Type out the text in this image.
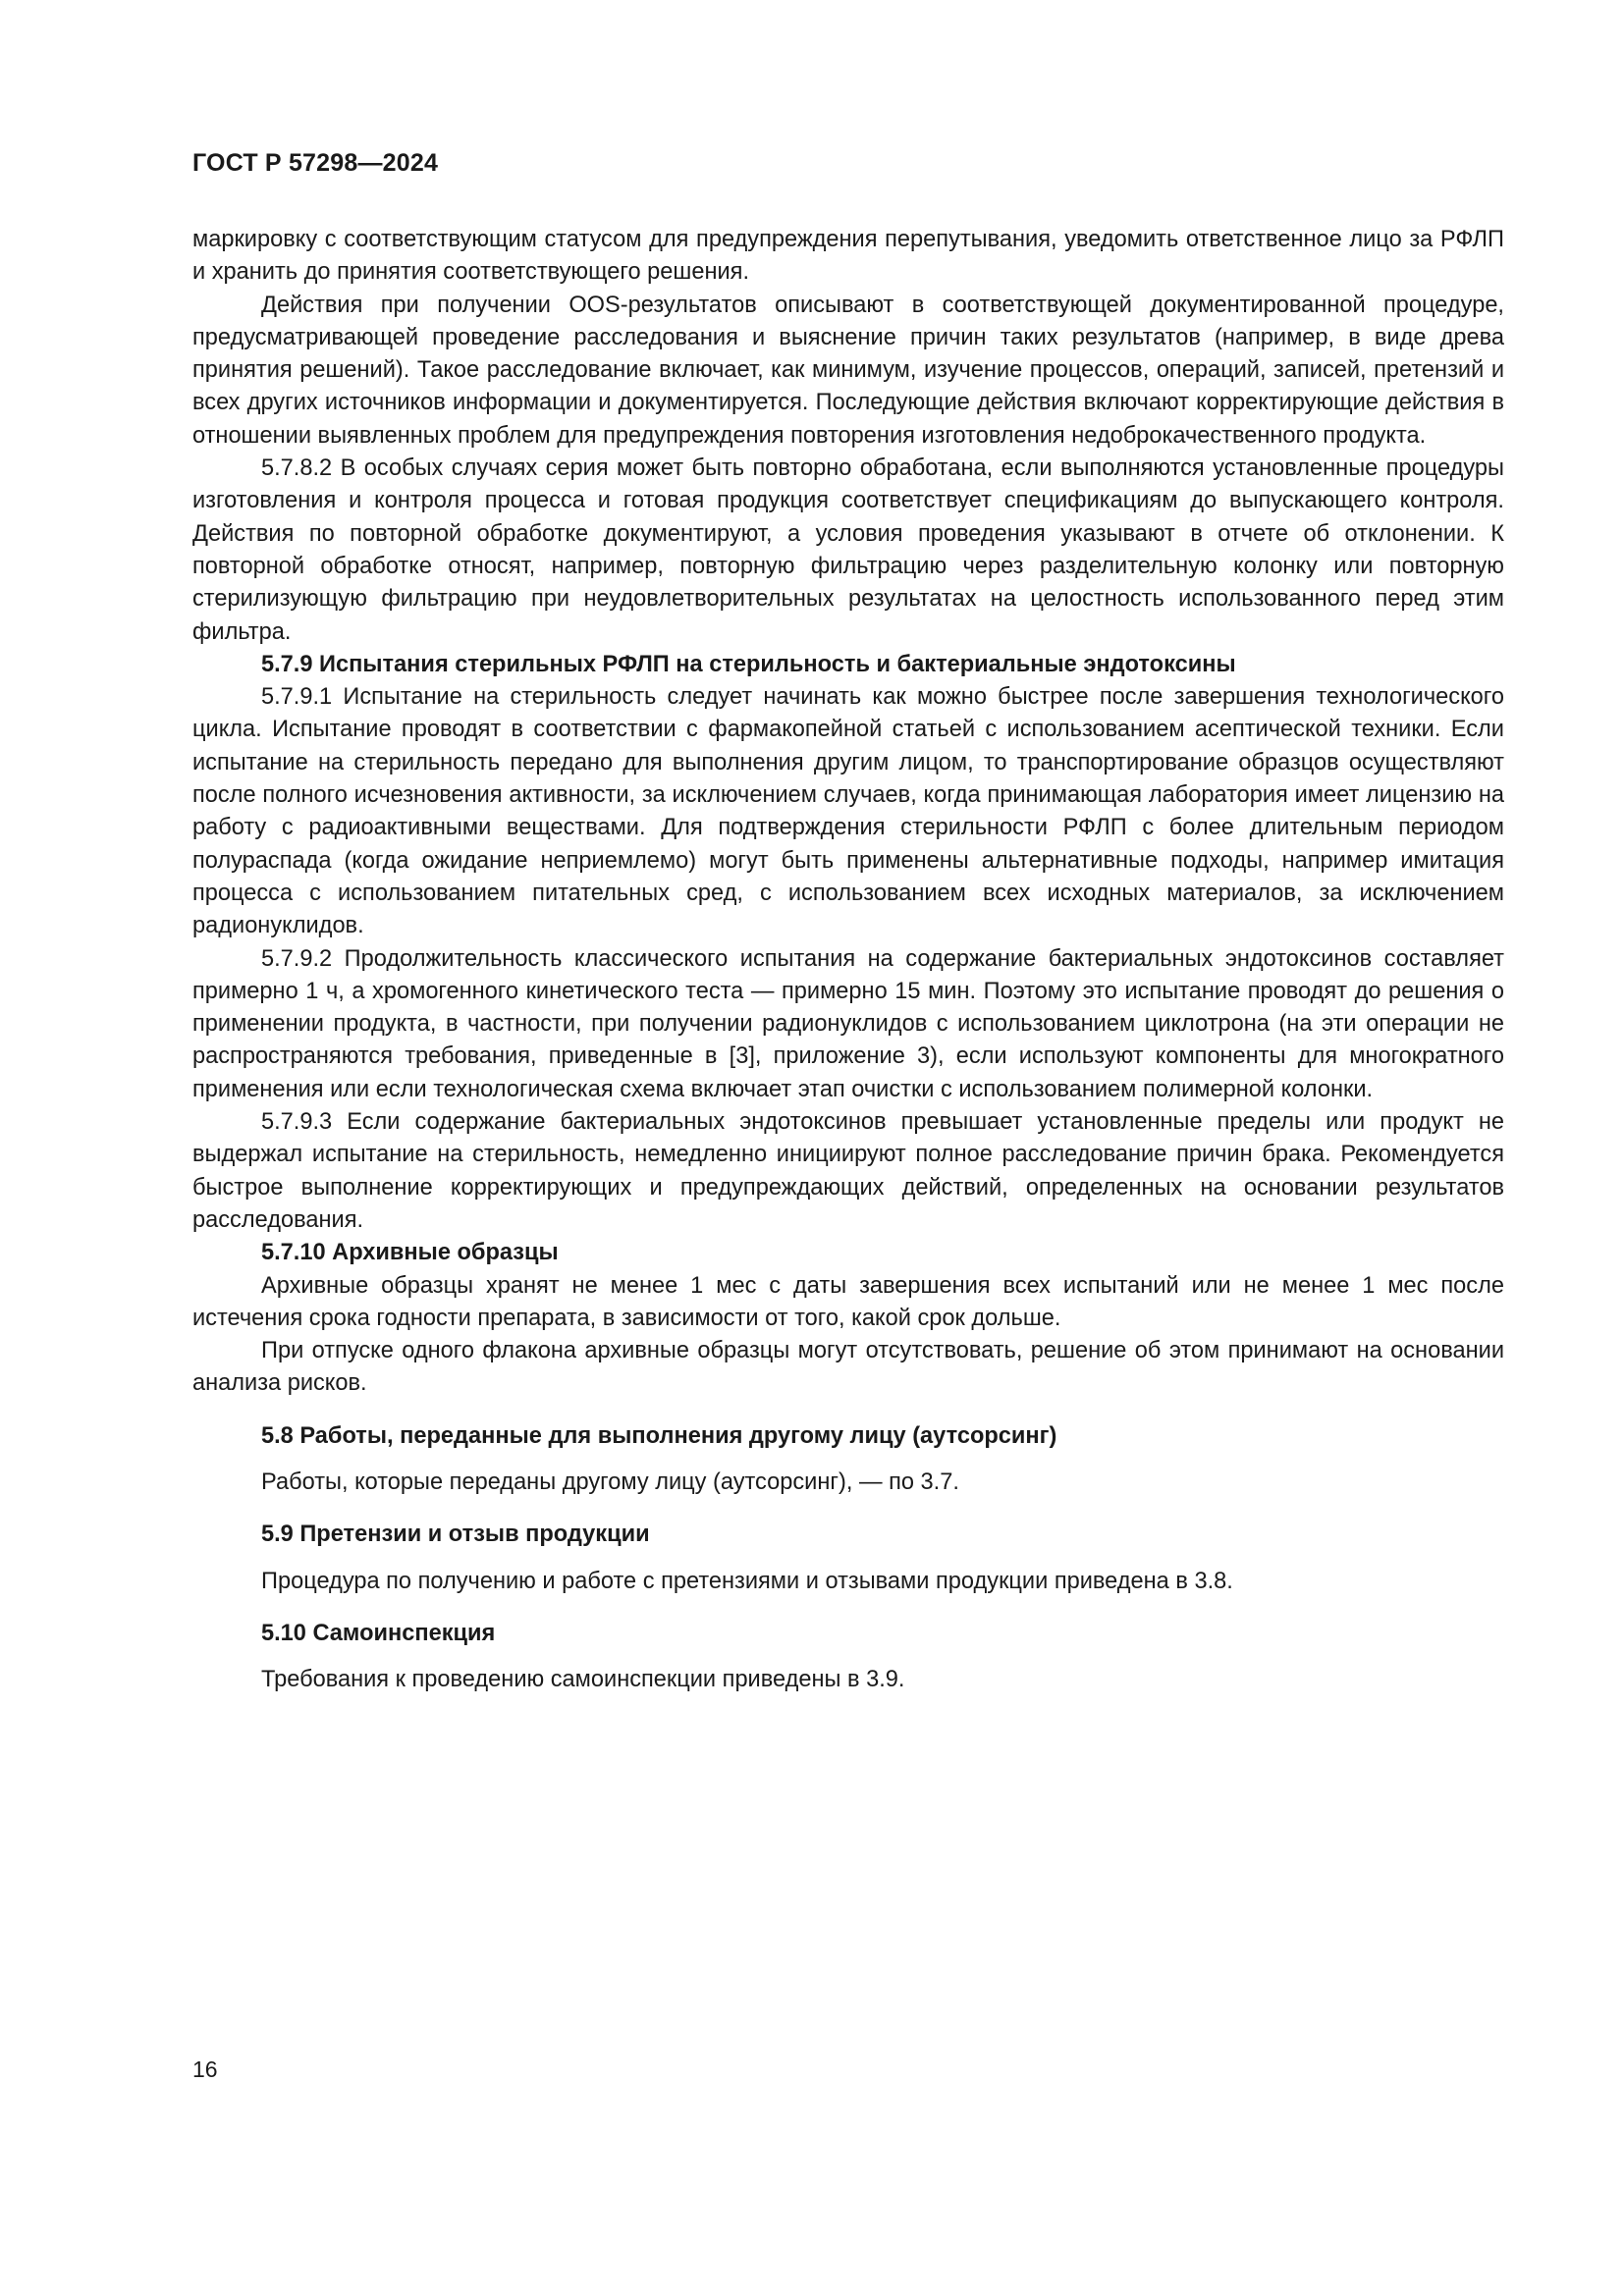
ГОСТ Р 57298—2024

маркировку с соответствующим статусом для предупреждения перепутывания, уведомить ответственное лицо за РФЛП и хранить до принятия соответствующего решения.

Действия при получении OOS-результатов описывают в соответствующей документированной процедуре, предусматривающей проведение расследования и выяснение причин таких результатов (например, в виде древа принятия решений). Такое расследование включает, как минимум, изучение процессов, операций, записей, претензий и всех других источников информации и документируется. Последующие действия включают корректирующие действия в отношении выявленных проблем для предупреждения повторения изготовления недоброкачественного продукта.

5.7.8.2 В особых случаях серия может быть повторно обработана, если выполняются установленные процедуры изготовления и контроля процесса и готовая продукция соответствует спецификациям до выпускающего контроля. Действия по повторной обработке документируют, а условия проведения указывают в отчете об отклонении. К повторной обработке относят, например, повторную фильтрацию через разделительную колонку или повторную стерилизующую фильтрацию при неудовлетворительных результатах на целостность использованного перед этим фильтра.

5.7.9 Испытания стерильных РФЛП на стерильность и бактериальные эндотоксины

5.7.9.1 Испытание на стерильность следует начинать как можно быстрее после завершения технологического цикла. Испытание проводят в соответствии с фармакопейной статьей с использованием асептической техники. Если испытание на стерильность передано для выполнения другим лицом, то транспортирование образцов осуществляют после полного исчезновения активности, за исключением случаев, когда принимающая лаборатория имеет лицензию на работу с радиоактивными веществами. Для подтверждения стерильности РФЛП с более длительным периодом полураспада (когда ожидание неприемлемо) могут быть применены альтернативные подходы, например имитация процесса с использованием питательных сред, с использованием всех исходных материалов, за исключением радионуклидов.

5.7.9.2 Продолжительность классического испытания на содержание бактериальных эндотоксинов составляет примерно 1 ч, а хромогенного кинетического теста — примерно 15 мин. Поэтому это испытание проводят до решения о применении продукта, в частности, при получении радионуклидов с использованием циклотрона (на эти операции не распространяются требования, приведенные в [3], приложение 3), если используют компоненты для многократного применения или если технологическая схема включает этап очистки с использованием полимерной колонки.

5.7.9.3 Если содержание бактериальных эндотоксинов превышает установленные пределы или продукт не выдержал испытание на стерильность, немедленно инициируют полное расследование причин брака. Рекомендуется быстрое выполнение корректирующих и предупреждающих действий, определенных на основании результатов расследования.

5.7.10 Архивные образцы

Архивные образцы хранят не менее 1 мес с даты завершения всех испытаний или не менее 1 мес после истечения срока годности препарата, в зависимости от того, какой срок дольше.

При отпуске одного флакона архивные образцы могут отсутствовать, решение об этом принимают на основании анализа рисков.

5.8 Работы, переданные для выполнения другому лицу (аутсорсинг)

Работы, которые переданы другому лицу (аутсорсинг), — по 3.7.

5.9 Претензии и отзыв продукции

Процедура по получению и работе с претензиями и отзывами продукции приведена в 3.8.

5.10 Самоинспекция

Требования к проведению самоинспекции приведены в 3.9.

16
